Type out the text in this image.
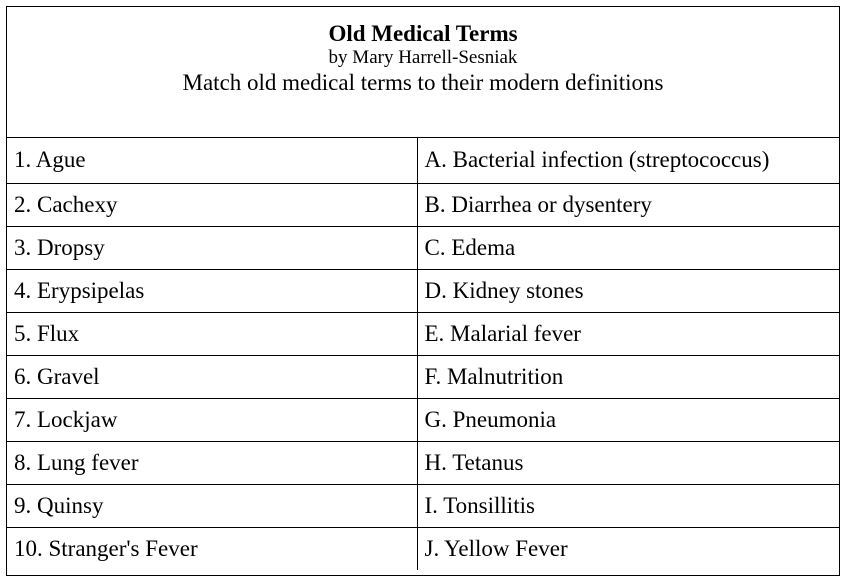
Old Medical Terms
by Mary Harrell-Sesniak
Match old medical terms to their modern definitions
1. Ague	A. Bacterial infection (streptococcus)
2. Cachexy	B. Diarrhea or dysentery
3. Dropsy	C. Edema
4. Erypsipelas	D. Kidney stones
5. Flux	E. Malarial fever
6. Gravel	F. Malnutrition
7. Lockjaw	G. Pneumonia
8. Lung fever	H. Tetanus
9. Quinsy	I. Tonsillitis
10. Stranger's Fever	J. Yellow Fever
